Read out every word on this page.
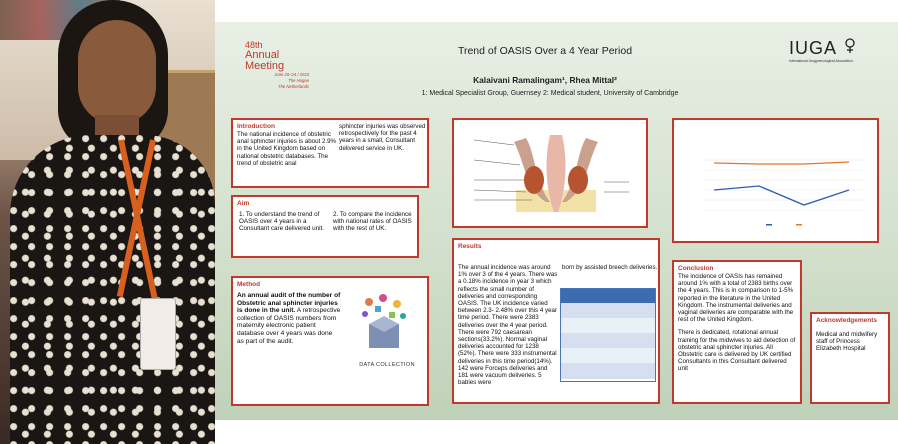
48th
Annual
Meeting
June 20–24 / 2023
The Hague
The Netherlands
Trend of OASIS Over a 4 Year Period
Kalaivani Ramalingam¹, Rhea Mittal²
1: Medical Specialist Group, Guernsey 2: Medical student, University of Cambridge
IUGA
International Urogynecological Association
Introduction
The national incidence of obstetric anal sphincter injuries is about 2.9% in the United Kingdom based on national obstetric databases. The trend of obstetric anal
sphincter injuries was observed retrospectively for the past 4 years in a small, Consultant delivered service in UK.
Aim
1. To understand the trend of OASIS over 4 years in a Consultant care delivered unit.
2. To compare the incidence with national rates of OASIS with the rest of UK.
Method
An annual audit of the number of Obstetric anal sphincter injuries is done in the unit. A retrospective collection of OASIS numbers from maternity electronic patient database over 4 years was done as part of the audit.
DATA COLLECTION
Results
The annual incidence was around 1% over 3 of the 4 years. There was a 0.18% incidence in year 3 which reflects the small number of deliveries and corresponding OASIS. The UK incidence varied between 2.3- 2.48% over this 4 year time period. There were 2383 deliveries over the 4 year period. There were 792 caesarean sections(33.2%). Normal vaginal deliveries accounted for 1238 (52%). There were 333 instrumental deliveries in this time period(14%). 142 were Forceps deliveries and 181 were vacuum deliveries. 5 babies were
born by assisted breech deliveries.	Conclusion
The incidence of OASIs has remained around 1% with a total of 2383 births over the 4 years. This is in comparison to 1-5% reported in the literature in the United Kingdom. The instrumental deliveries and vaginal deliveries are comparable with the rest of the United Kingdom.
There is dedicated, rotational annual training for the midwives to aid detection of obstetric anal sphincter injuries. All Obstetric care is delivered by UK certified Consultants in this Consultant delivered unit
Acknowledgements
Medical and midwifery staff of Princess Elizabeth Hospital
